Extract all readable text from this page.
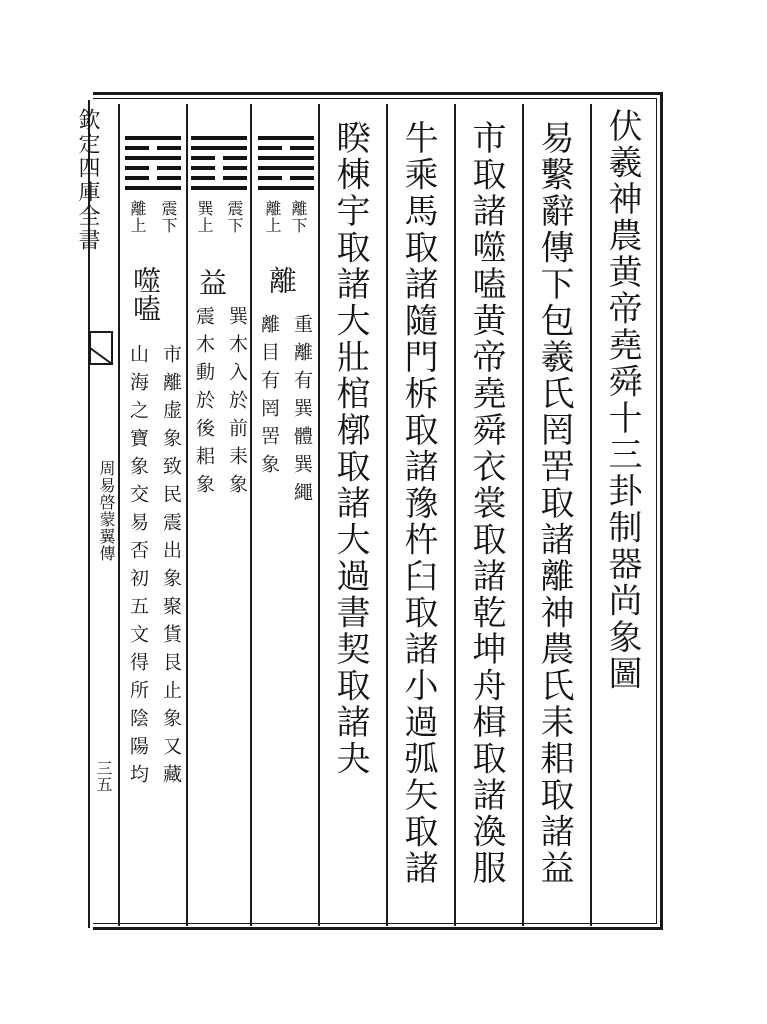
欽定四庫全書
周易啓蒙翼傳
三五
伏羲神農黄帝堯舜十三卦制器尚象圖
易繫辭傳下包羲氏罔罟取諸離神農氏耒耜取諸益
市取諸噬嗑黄帝堯舜衣裳取諸乾坤舟楫取諸渙服
牛乘馬取諸隨門柝取諸豫杵臼取諸小過弧矢取諸
睽棟宇取諸大壯棺槨取諸大過書契取諸夬
離下
離上
離
重離有巽體巽繩
離目有罔罟象
震下
巽上
益
巽木入於前耒象
震木動於後耜象
震下
離上
噬嗑
市離虚象致民震出象聚貨艮止象又藏
山海之寶象交易否初五文得所陰陽均
